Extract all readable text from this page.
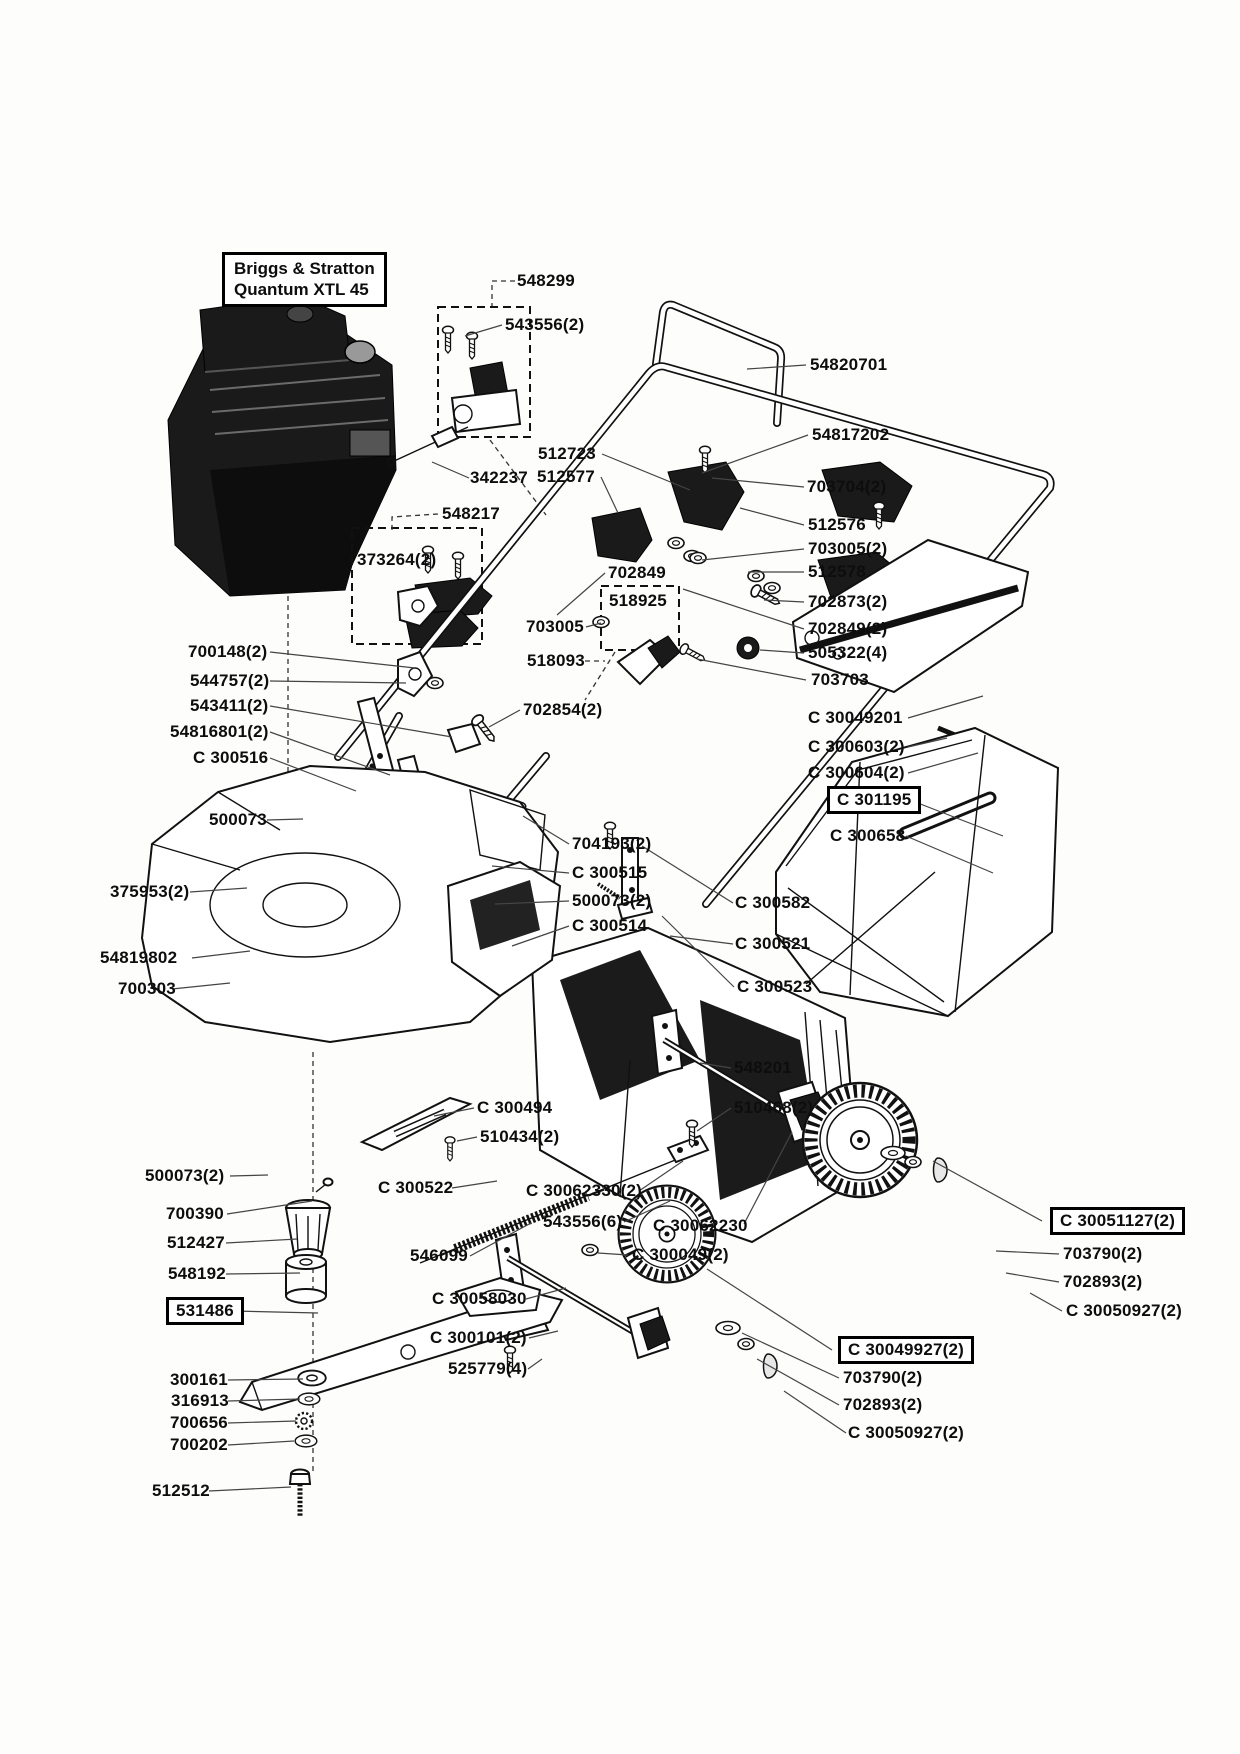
Briggs & Stratton
Quantum XTL 45	548299
543556(2)
54820701
54817202
512723
512577
342237
548217
373264(2)
703704(2)
512576
703005(2)
512578
702873(2)
702849(2)
505322(4)
703703
702849
518925
703005
518093
700148(2)
544757(2)
543411(2)
54816801(2)
C 300516
500073
702854(2)
704193(2)
C 300515
500073(2)
C 300514
C 300582
C 300521
C 300523
375953(2)
54819802
700303
C 30049201
C 300603(2)
C 300604(2)
C 301195
C 300658
548201
510468(2)
C 300494
510434(2)
500073(2)
700390
512427
548192
531486
C 300522	C 30062330(2)
543556(6) C 30062230
546099	C 300049(2)
C 30058030
C 300101(2)
525779(4)
C 30051127(2)
703790(2)
702893(2)
C 30050927(2)
C 30049927(2)
703790(2)
702893(2)
C 30050927(2)
300161
316913
700656
700202
512512
